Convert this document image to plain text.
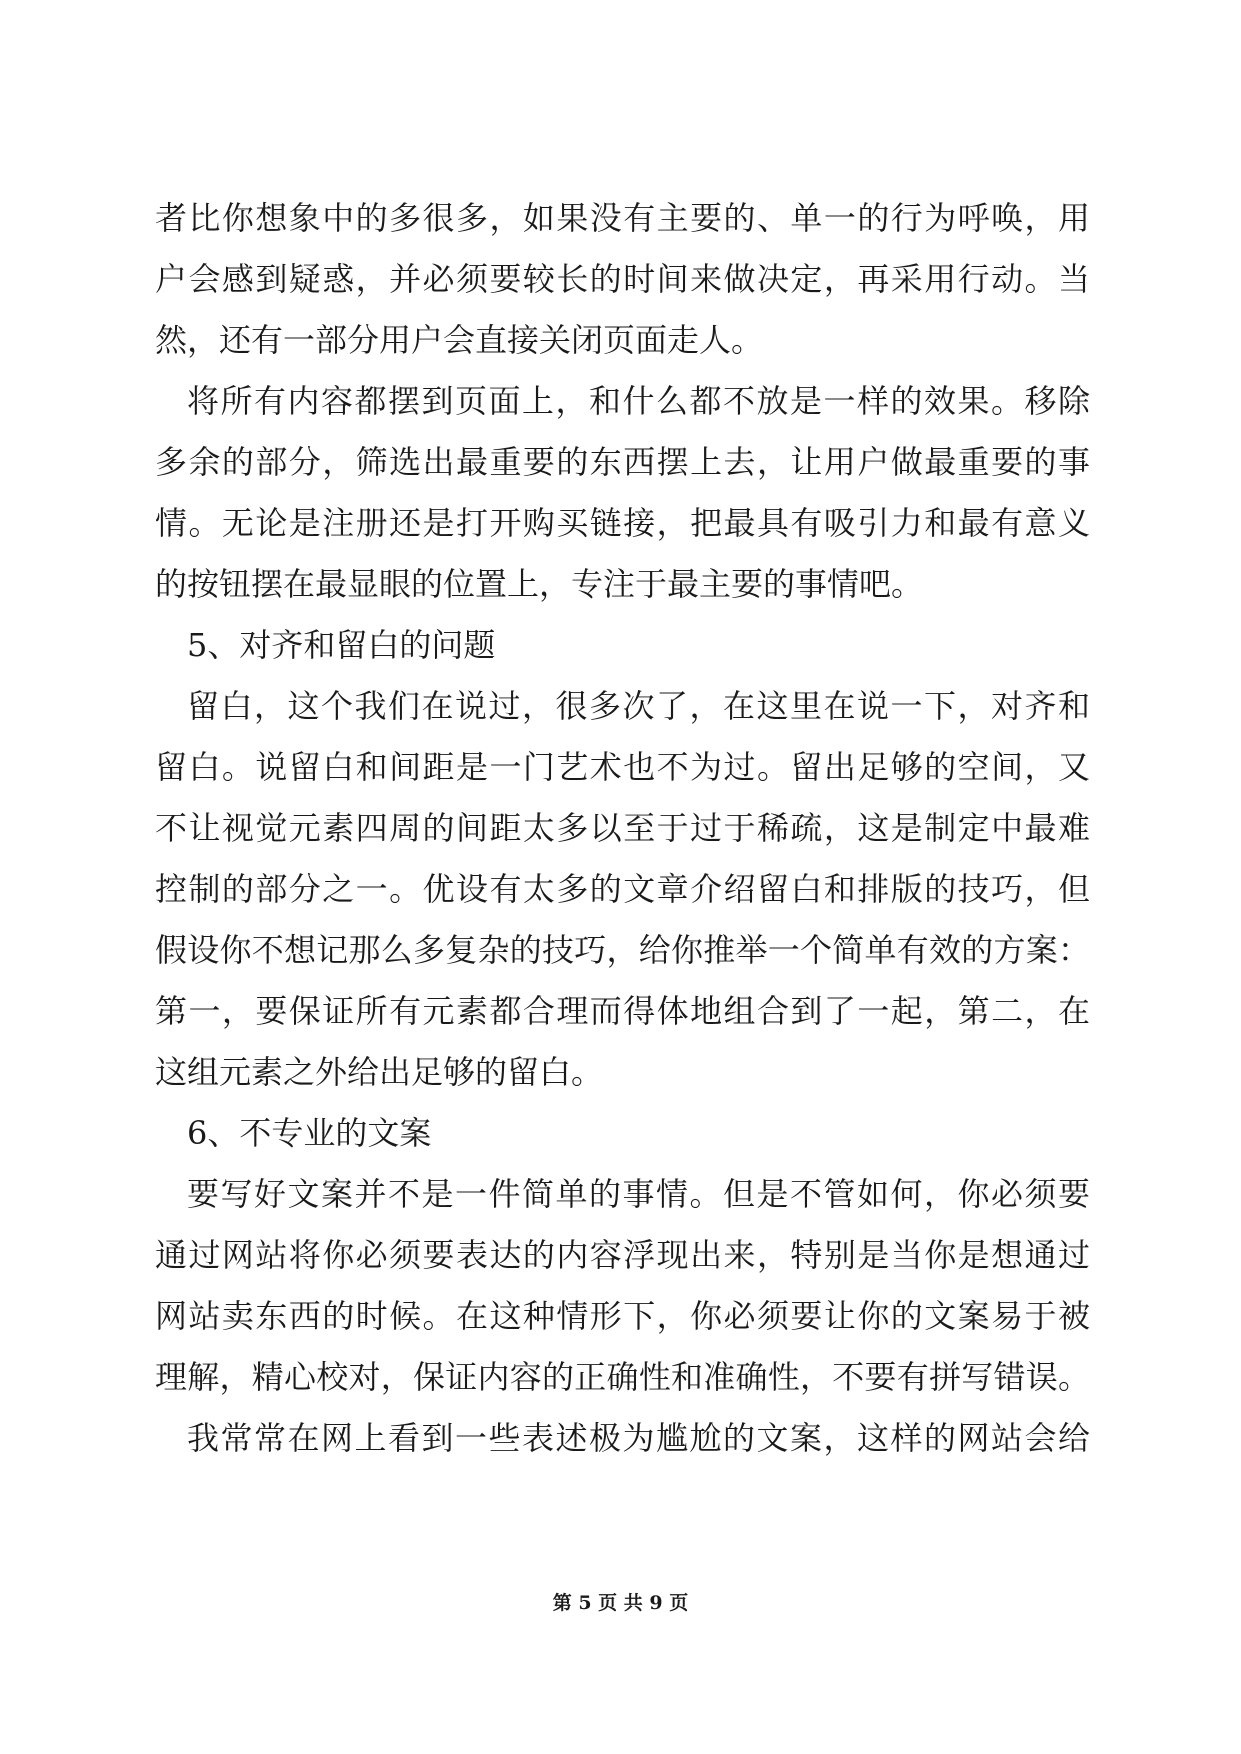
者比你想象中的多很多，如果没有主要的、单一的行为呼唤，用
户会感到疑惑，并必须要较长的时间来做决定，再采用行动。当
然，还有一部分用户会直接关闭页面走人。
将所有内容都摆到页面上，和什么都不放是一样的效果。移除
多余的部分，筛选出最重要的东西摆上去，让用户做最重要的事
情。无论是注册还是打开购买链接，把最具有吸引力和最有意义
的按钮摆在最显眼的位置上，专注于最主要的事情吧。
5、对齐和留白的问题
留白，这个我们在说过，很多次了，在这里在说一下，对齐和
留白。说留白和间距是一门艺术也不为过。留出足够的空间，又
不让视觉元素四周的间距太多以至于过于稀疏，这是制定中最难
控制的部分之一。优设有太多的文章介绍留白和排版的技巧，但
假设你不想记那么多复杂的技巧，给你推举一个简单有效的方案：
第一，要保证所有元素都合理而得体地组合到了一起，第二，在
这组元素之外给出足够的留白。
6、不专业的文案
要写好文案并不是一件简单的事情。但是不管如何，你必须要
通过网站将你必须要表达的内容浮现出来，特别是当你是想通过
网站卖东西的时候。在这种情形下，你必须要让你的文案易于被
理解，精心校对，保证内容的正确性和准确性，不要有拼写错误。
我常常在网上看到一些表述极为尴尬的文案，这样的网站会给
第 5 页 共 9 页
